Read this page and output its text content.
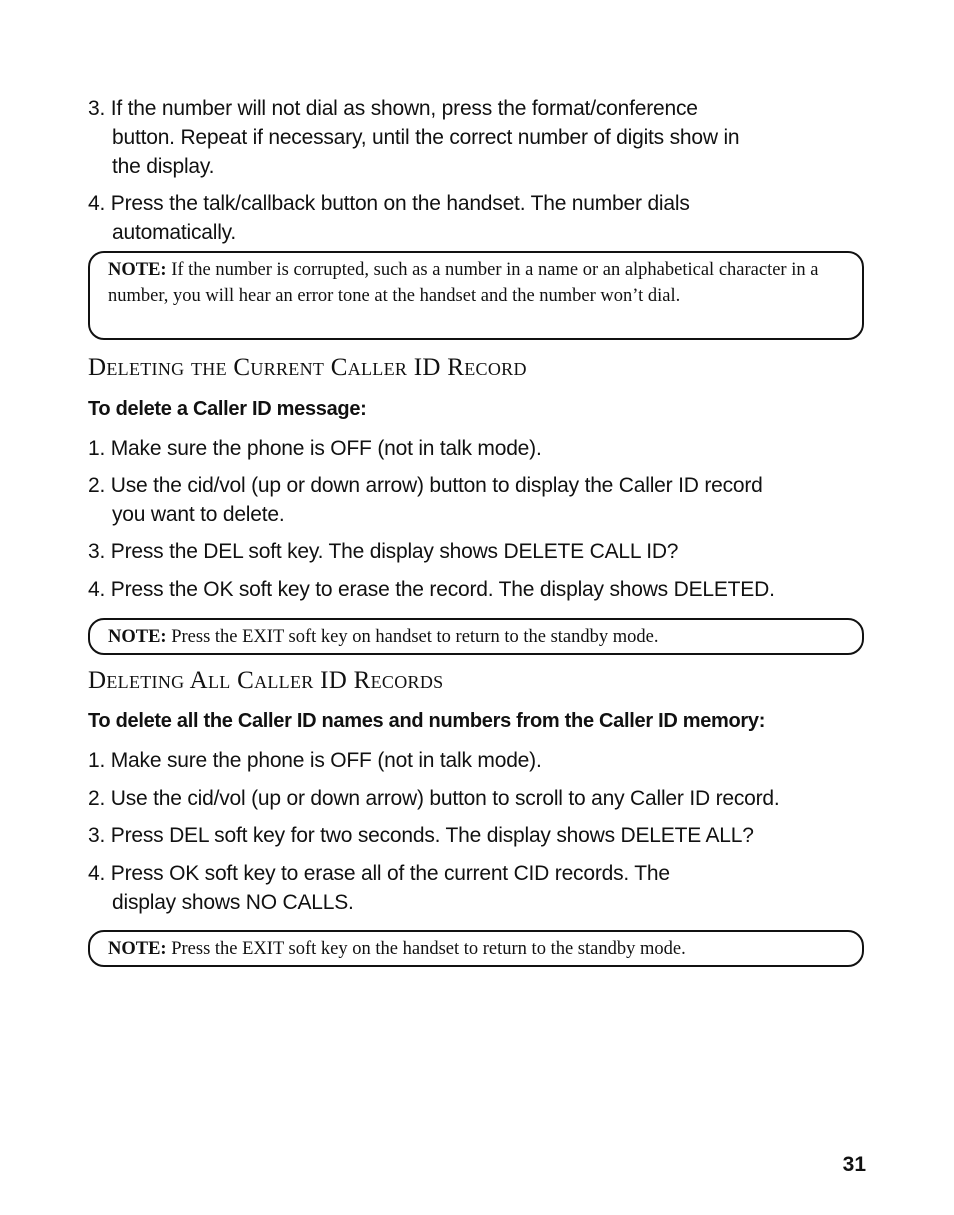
3. If the number will not dial as shown, press the format/conference
button. Repeat if necessary, until the correct number of digits show in
the display.
4. Press the talk/callback button on the handset. The number dials
automatically.
NOTE: If the number is corrupted, such as a number in a name or an alphabetical character in a number, you will hear an error tone at the handset and the number won’t dial.
Deleting the Current Caller ID Record
To delete a Caller ID message:
1. Make sure the phone is OFF (not in talk mode).
2. Use the cid/vol (up or down arrow) button to display the Caller ID record
you want to delete.
3. Press the DEL soft key. The display shows DELETE CALL ID?
4. Press the OK soft key to erase the record. The display shows DELETED.
NOTE: Press the EXIT soft key on handset to return to the standby mode.
Deleting All Caller ID Records
To delete all the Caller ID names and numbers from the Caller ID memory:
1. Make sure the phone is OFF (not in talk mode).
2. Use the cid/vol (up or down arrow) button to scroll to any Caller ID record.
3. Press DEL soft key for two seconds. The display shows DELETE ALL?
4. Press OK soft key to erase all of the current CID records. The
display shows NO CALLS.
NOTE: Press the EXIT soft key on the handset to return to the standby mode.
31
